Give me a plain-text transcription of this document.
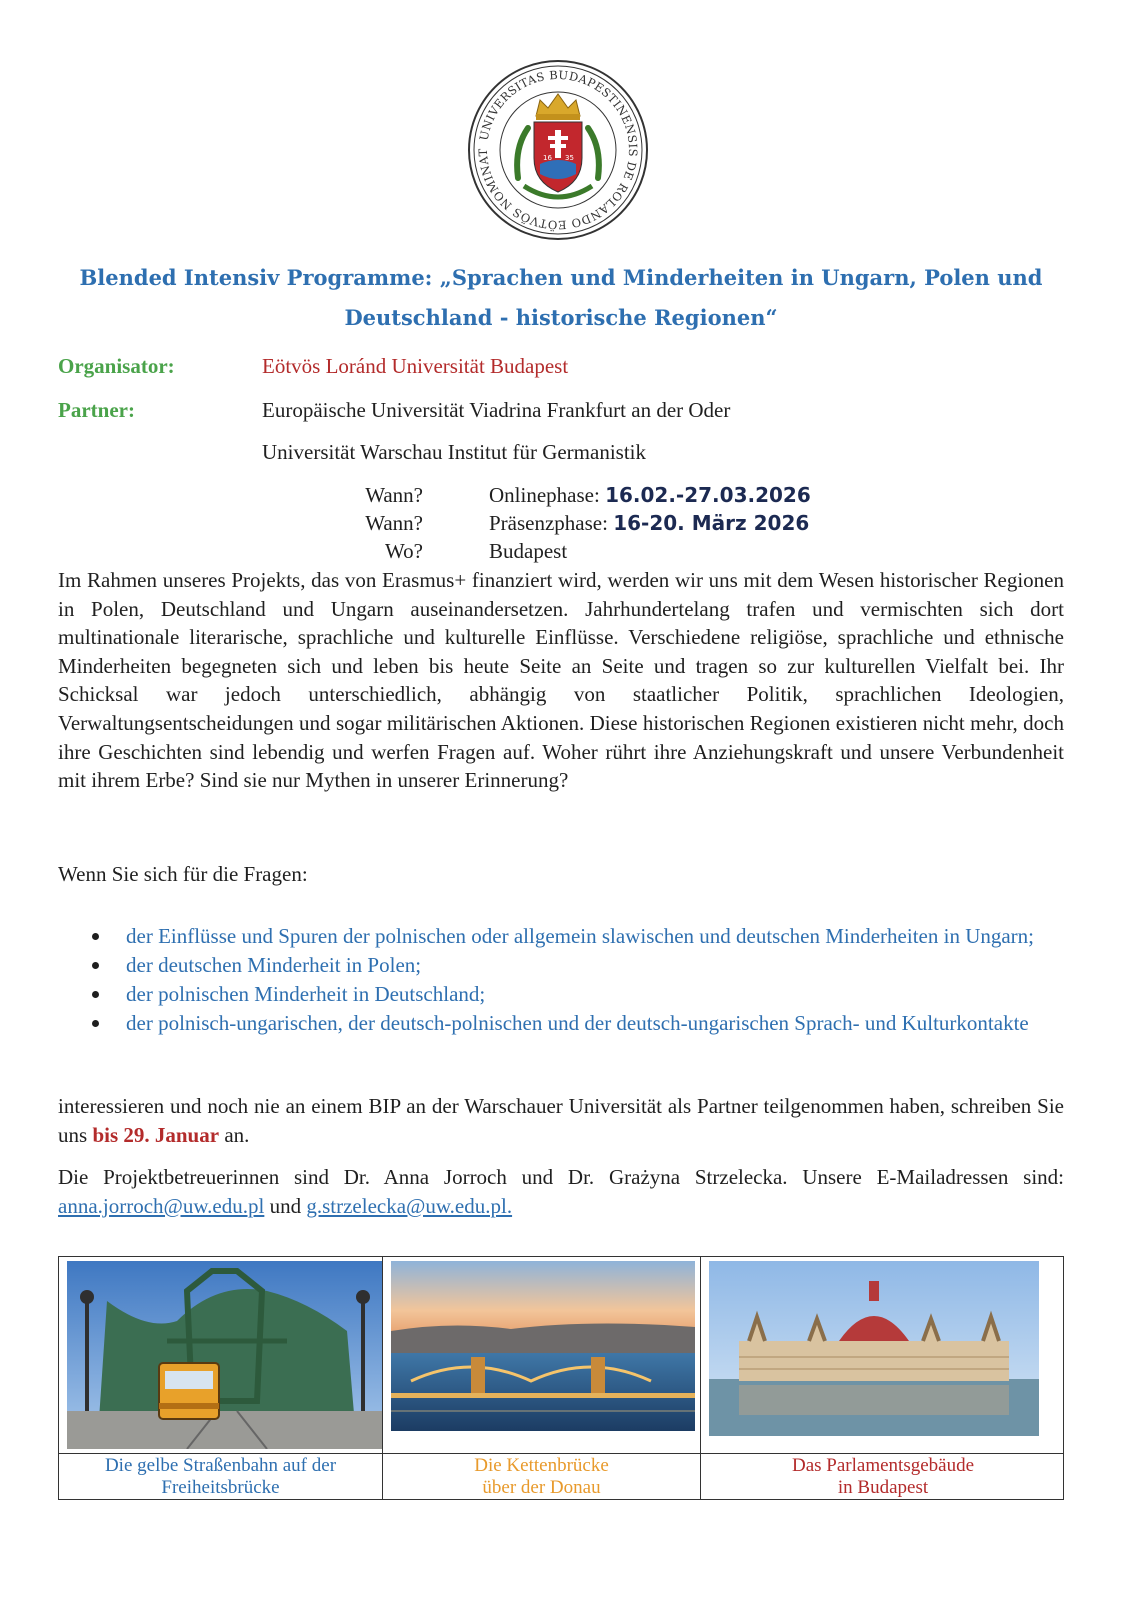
UNIVERSITAS BUDAPESTINENSIS DE ROLANDO EÖTVÖS NOMINAT
16 35

Blended Intensiv Programme: „Sprachen und Minderheiten in Ungarn, Polen und
Deutschland - historische Regionen“

Organisator:	Eötvös Loránd Universität Budapest
Partner:	Europäische Universität Viadrina Frankfurt an der Oder
Universität Warschau Institut für Germanistik
Wann?	Onlinephase: 16.02.-27.03.2026
Wann?	Präsenzphase: 16-20. März 2026
Wo?	Budapest

Im Rahmen unseres Projekts, das von Erasmus+ finanziert wird, werden wir uns mit dem Wesen historischer Regionen in Polen, Deutschland und Ungarn auseinandersetzen. Jahrhundertelang trafen und vermischten sich dort multinationale literarische, sprachliche und kulturelle Einflüsse. Verschiedene religiöse, sprachliche und ethnische Minderheiten begegneten sich und leben bis heute Seite an Seite und tragen so zur kulturellen Vielfalt bei. Ihr Schicksal war jedoch unterschiedlich, abhängig von staatlicher Politik, sprachlichen Ideologien, Verwaltungsentscheidungen und sogar militärischen Aktionen. Diese historischen Regionen existieren nicht mehr, doch ihre Geschichten sind lebendig und werfen Fragen auf. Woher rührt ihre Anziehungskraft und unsere Verbundenheit mit ihrem Erbe? Sind sie nur Mythen in unserer Erinnerung?

Wenn Sie sich für die Fragen:

der Einflüsse und Spuren der polnischen oder allgemein slawischen und deutschen Minderheiten in Ungarn;
der deutschen Minderheit in Polen;
der polnischen Minderheit in Deutschland;
der polnisch-ungarischen, der deutsch-polnischen und der deutsch-ungarischen Sprach- und Kulturkontakte

interessieren und noch nie an einem BIP an der Warschauer Universität als Partner teilgenommen haben, schreiben Sie uns bis 29. Januar an.

Die Projektbetreuerinnen sind Dr. Anna Jorroch und Dr. Grażyna Strzelecka. Unsere E-Mailadressen sind: anna.jorroch@uw.edu.pl und g.strzelecka@uw.edu.pl.

Die gelbe Straßenbahn auf der
Freiheitsbrücke
Die Kettenbrücke
über der Donau
Das Parlamentsgebäude
in Budapest
